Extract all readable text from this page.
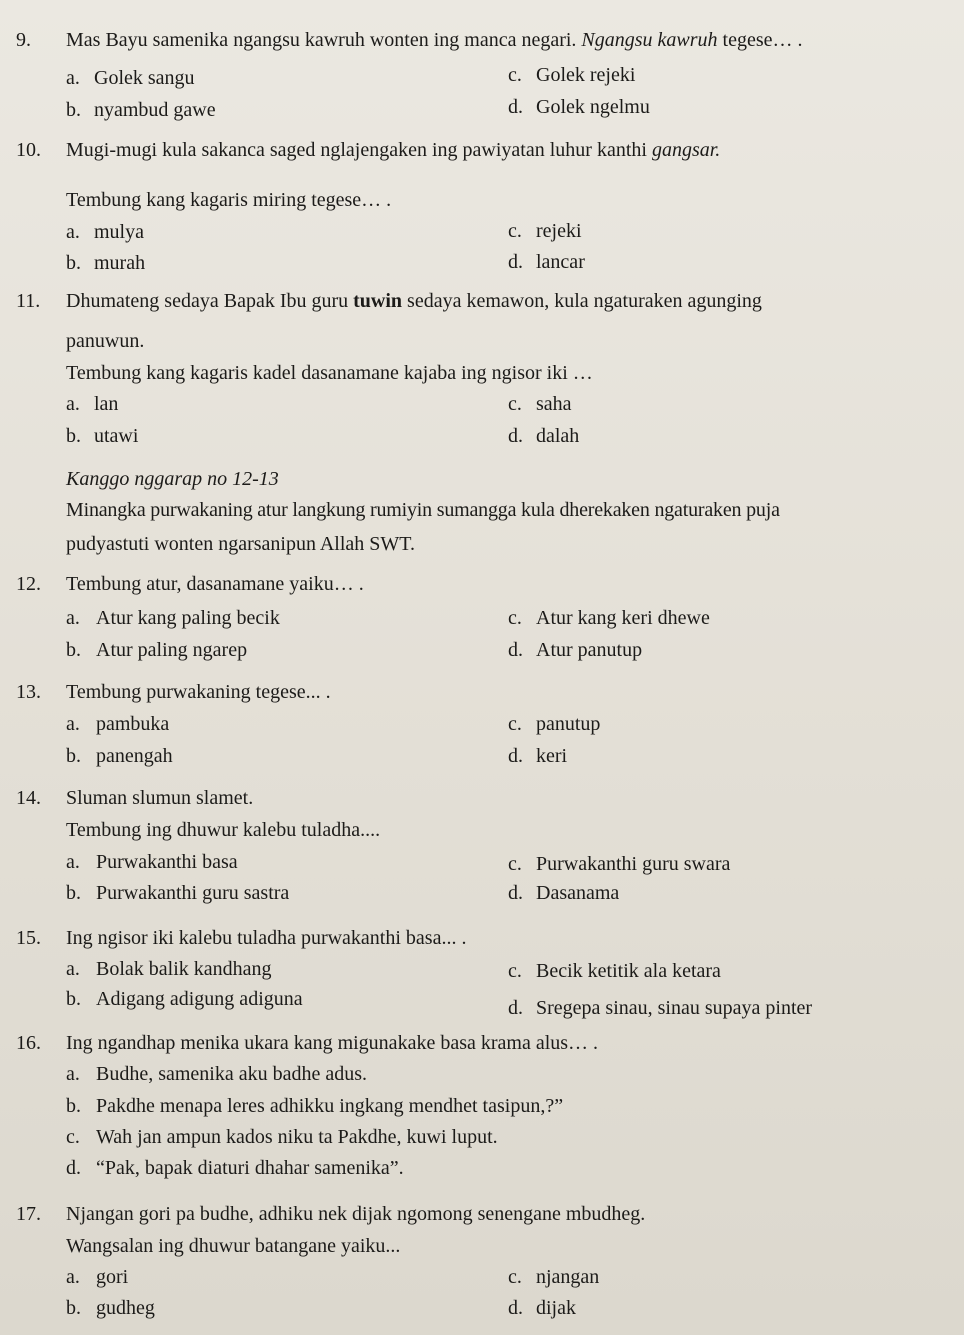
9. Mas Bayu samenika ngangsu kawruh wonten ing manca negari. Ngangsu kawruh tegese… .
a. Golek sangu	c. Golek rejeki
b. nyambud gawe	d. Golek ngelmu
10. Mugi-mugi kula sakanca saged nglajengaken ing pawiyatan luhur kanthi gangsar.
Tembung kang kagaris miring tegese… .
a. mulya	c. rejeki
b. murah	d. lancar
11. Dhumateng sedaya Bapak Ibu guru tuwin sedaya kemawon, kula ngaturaken agunging
panuwun.
Tembung kang kagaris kadel dasanamane kajaba ing ngisor iki …
a. lan	c. saha
b. utawi	d. dalah
Kanggo nggarap no 12-13
Minangka purwakaning atur langkung rumiyin sumangga kula dherekaken ngaturaken puja
pudyastuti wonten ngarsanipun Allah SWT.
12. Tembung atur, dasanamane yaiku… .
a. Atur kang paling becik	c. Atur kang keri dhewe
b. Atur paling ngarep	d. Atur panutup
13. Tembung purwakaning tegese... .
a. pambuka	c. panutup
b. panengah	d. keri
14. Sluman slumun slamet.
Tembung ing dhuwur kalebu tuladha....
a. Purwakanthi basa	c. Purwakanthi guru swara
b. Purwakanthi guru sastra	d. Dasanama
15. Ing ngisor iki kalebu tuladha purwakanthi basa... .
a. Bolak balik kandhang	c. Becik ketitik ala ketara
b. Adigang adigung adiguna	d. Sregepa sinau, sinau supaya pinter
16. Ing ngandhap menika ukara kang migunakake basa krama alus… .
a. Budhe, samenika aku badhe adus.
b. Pakdhe menapa leres adhikku ingkang mendhet tasipun,?”
c. Wah jan ampun kados niku ta Pakdhe, kuwi luput.
d. “Pak, bapak diaturi dhahar samenika”.
17. Njangan gori pa budhe, adhiku nek dijak ngomong senengane mbudheg.
Wangsalan ing dhuwur batangane yaiku...
a. gori	c. njangan
b. gudheg	d. dijak
